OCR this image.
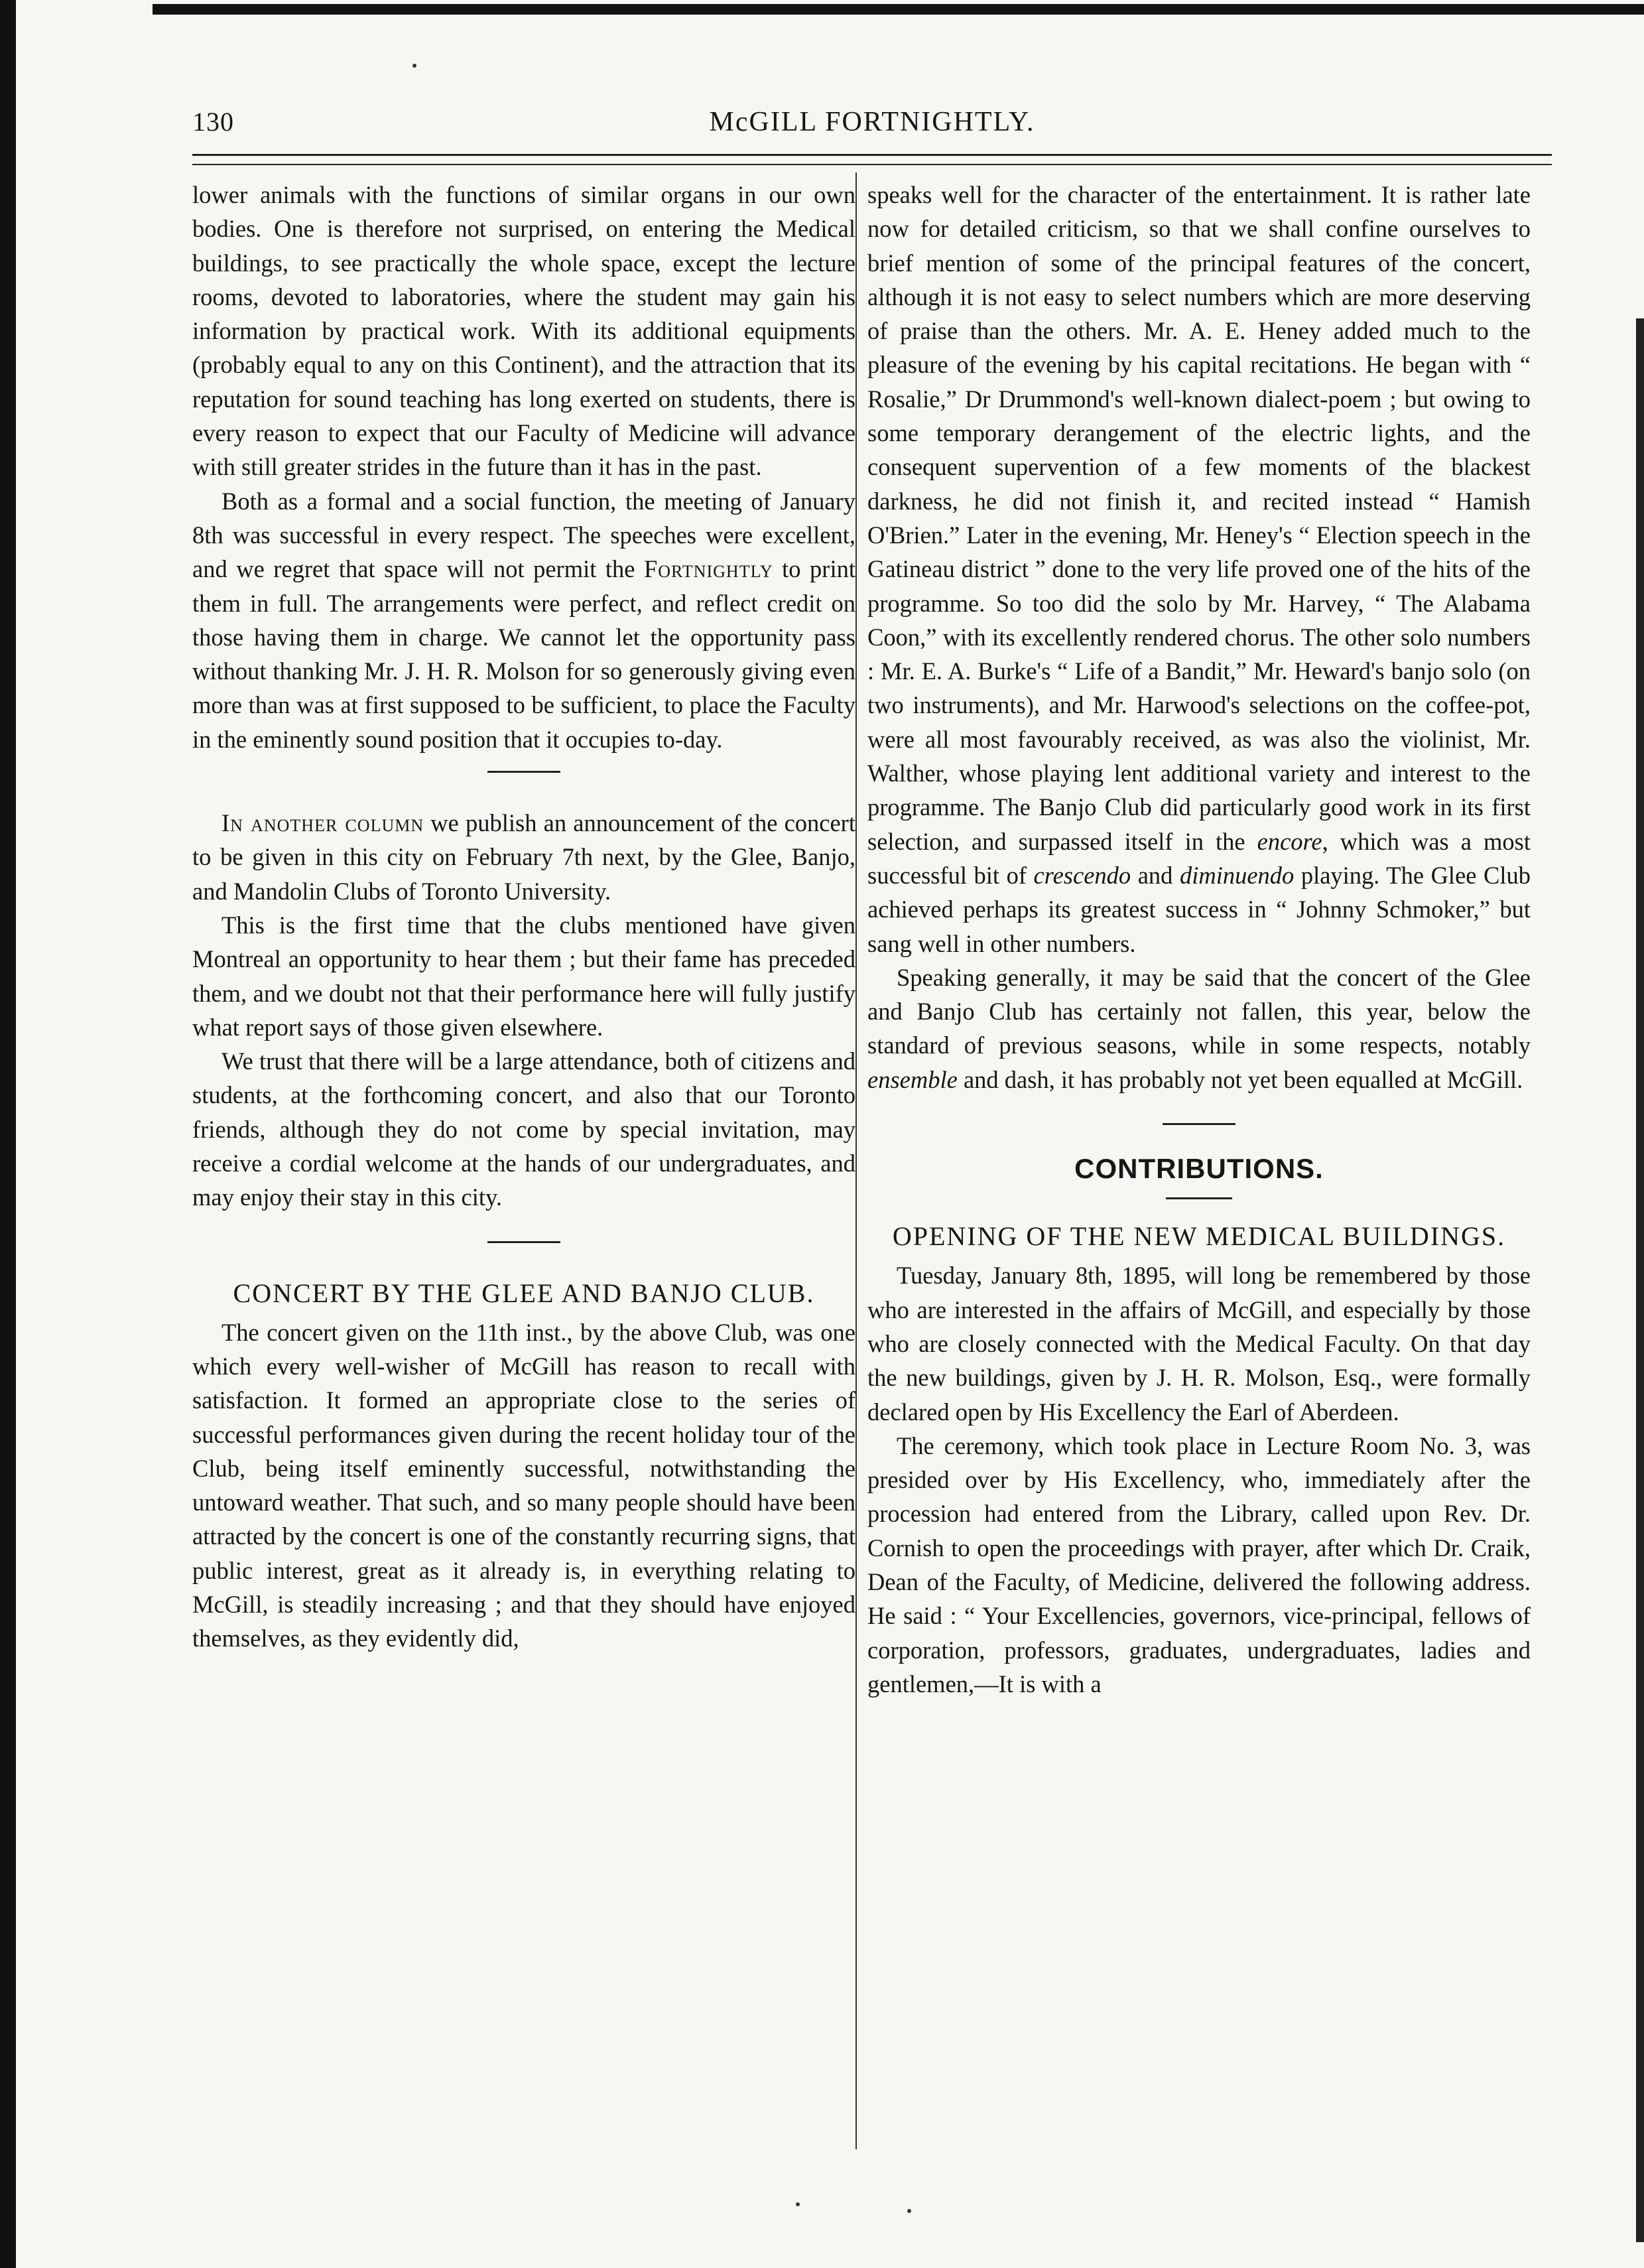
130	McGILL FORTNIGHTLY.

lower animals with the functions of similar organs in our own bodies. One is therefore not surprised, on entering the Medical buildings, to see practically the whole space, except the lecture rooms, devoted to laboratories, where the student may gain his information by practical work. With its additional equipments (probably equal to any on this Continent), and the attraction that its reputation for sound teaching has long exerted on students, there is every reason to expect that our Faculty of Medicine will advance with still greater strides in the future than it has in the past.

Both as a formal and a social function, the meeting of January 8th was successful in every respect. The speeches were excellent, and we regret that space will not permit the Fortnightly to print them in full. The arrangements were perfect, and reflect credit on those having them in charge. We cannot let the opportunity pass without thanking Mr. J. H. R. Molson for so generously giving even more than was at first supposed to be sufficient, to place the Faculty in the eminently sound position that it occupies to-day.

In another column we publish an announcement of the concert to be given in this city on February 7th next, by the Glee, Banjo, and Mandolin Clubs of Toronto University.

This is the first time that the clubs mentioned have given Montreal an opportunity to hear them ; but their fame has preceded them, and we doubt not that their performance here will fully justify what report says of those given elsewhere.

We trust that there will be a large attendance, both of citizens and students, at the forthcoming concert, and also that our Toronto friends, although they do not come by special invitation, may receive a cordial welcome at the hands of our undergraduates, and may enjoy their stay in this city.

CONCERT BY THE GLEE AND BANJO CLUB.

The concert given on the 11th inst., by the above Club, was one which every well-wisher of McGill has reason to recall with satisfaction. It formed an appropriate close to the series of successful performances given during the recent holiday tour of the Club, being itself eminently successful, notwithstanding the untoward weather. That such, and so many people should have been attracted by the concert is one of the constantly recurring signs, that public interest, great as it already is, in everything relating to McGill, is steadily increasing ; and that they should have enjoyed themselves, as they evidently did,

speaks well for the character of the entertainment. It is rather late now for detailed criticism, so that we shall confine ourselves to brief mention of some of the principal features of the concert, although it is not easy to select numbers which are more deserving of praise than the others. Mr. A. E. Heney added much to the pleasure of the evening by his capital recitations. He began with “ Rosalie,” Dr Drummond's well-known dialect-poem ; but owing to some temporary derangement of the electric lights, and the consequent supervention of a few moments of the blackest darkness, he did not finish it, and recited instead “ Hamish O'Brien.” Later in the evening, Mr. Heney's “ Election speech in the Gatineau district ” done to the very life proved one of the hits of the programme. So too did the solo by Mr. Harvey, “ The Alabama Coon,” with its excellently rendered chorus. The other solo numbers : Mr. E. A. Burke's “ Life of a Bandit,” Mr. Heward's banjo solo (on two instruments), and Mr. Harwood's selections on the coffee-pot, were all most favourably received, as was also the violinist, Mr. Walther, whose playing lent additional variety and interest to the programme. The Banjo Club did particularly good work in its first selection, and surpassed itself in the encore, which was a most successful bit of crescendo and diminuendo playing. The Glee Club achieved perhaps its greatest success in “ Johnny Schmoker,” but sang well in other numbers.

Speaking generally, it may be said that the concert of the Glee and Banjo Club has certainly not fallen, this year, below the standard of previous seasons, while in some respects, notably ensemble and dash, it has probably not yet been equalled at McGill.

CONTRIBUTIONS.
OPENING OF THE NEW MEDICAL BUILDINGS.

Tuesday, January 8th, 1895, will long be remembered by those who are interested in the affairs of McGill, and especially by those who are closely connected with the Medical Faculty. On that day the new buildings, given by J. H. R. Molson, Esq., were formally declared open by His Excellency the Earl of Aberdeen.

The ceremony, which took place in Lecture Room No. 3, was presided over by His Excellency, who, immediately after the procession had entered from the Library, called upon Rev. Dr. Cornish to open the proceedings with prayer, after which Dr. Craik, Dean of the Faculty, of Medicine, delivered the following address. He said : “ Your Excellencies, governors, vice-principal, fellows of corporation, professors, graduates, undergraduates, ladies and gentlemen,—It is with a
